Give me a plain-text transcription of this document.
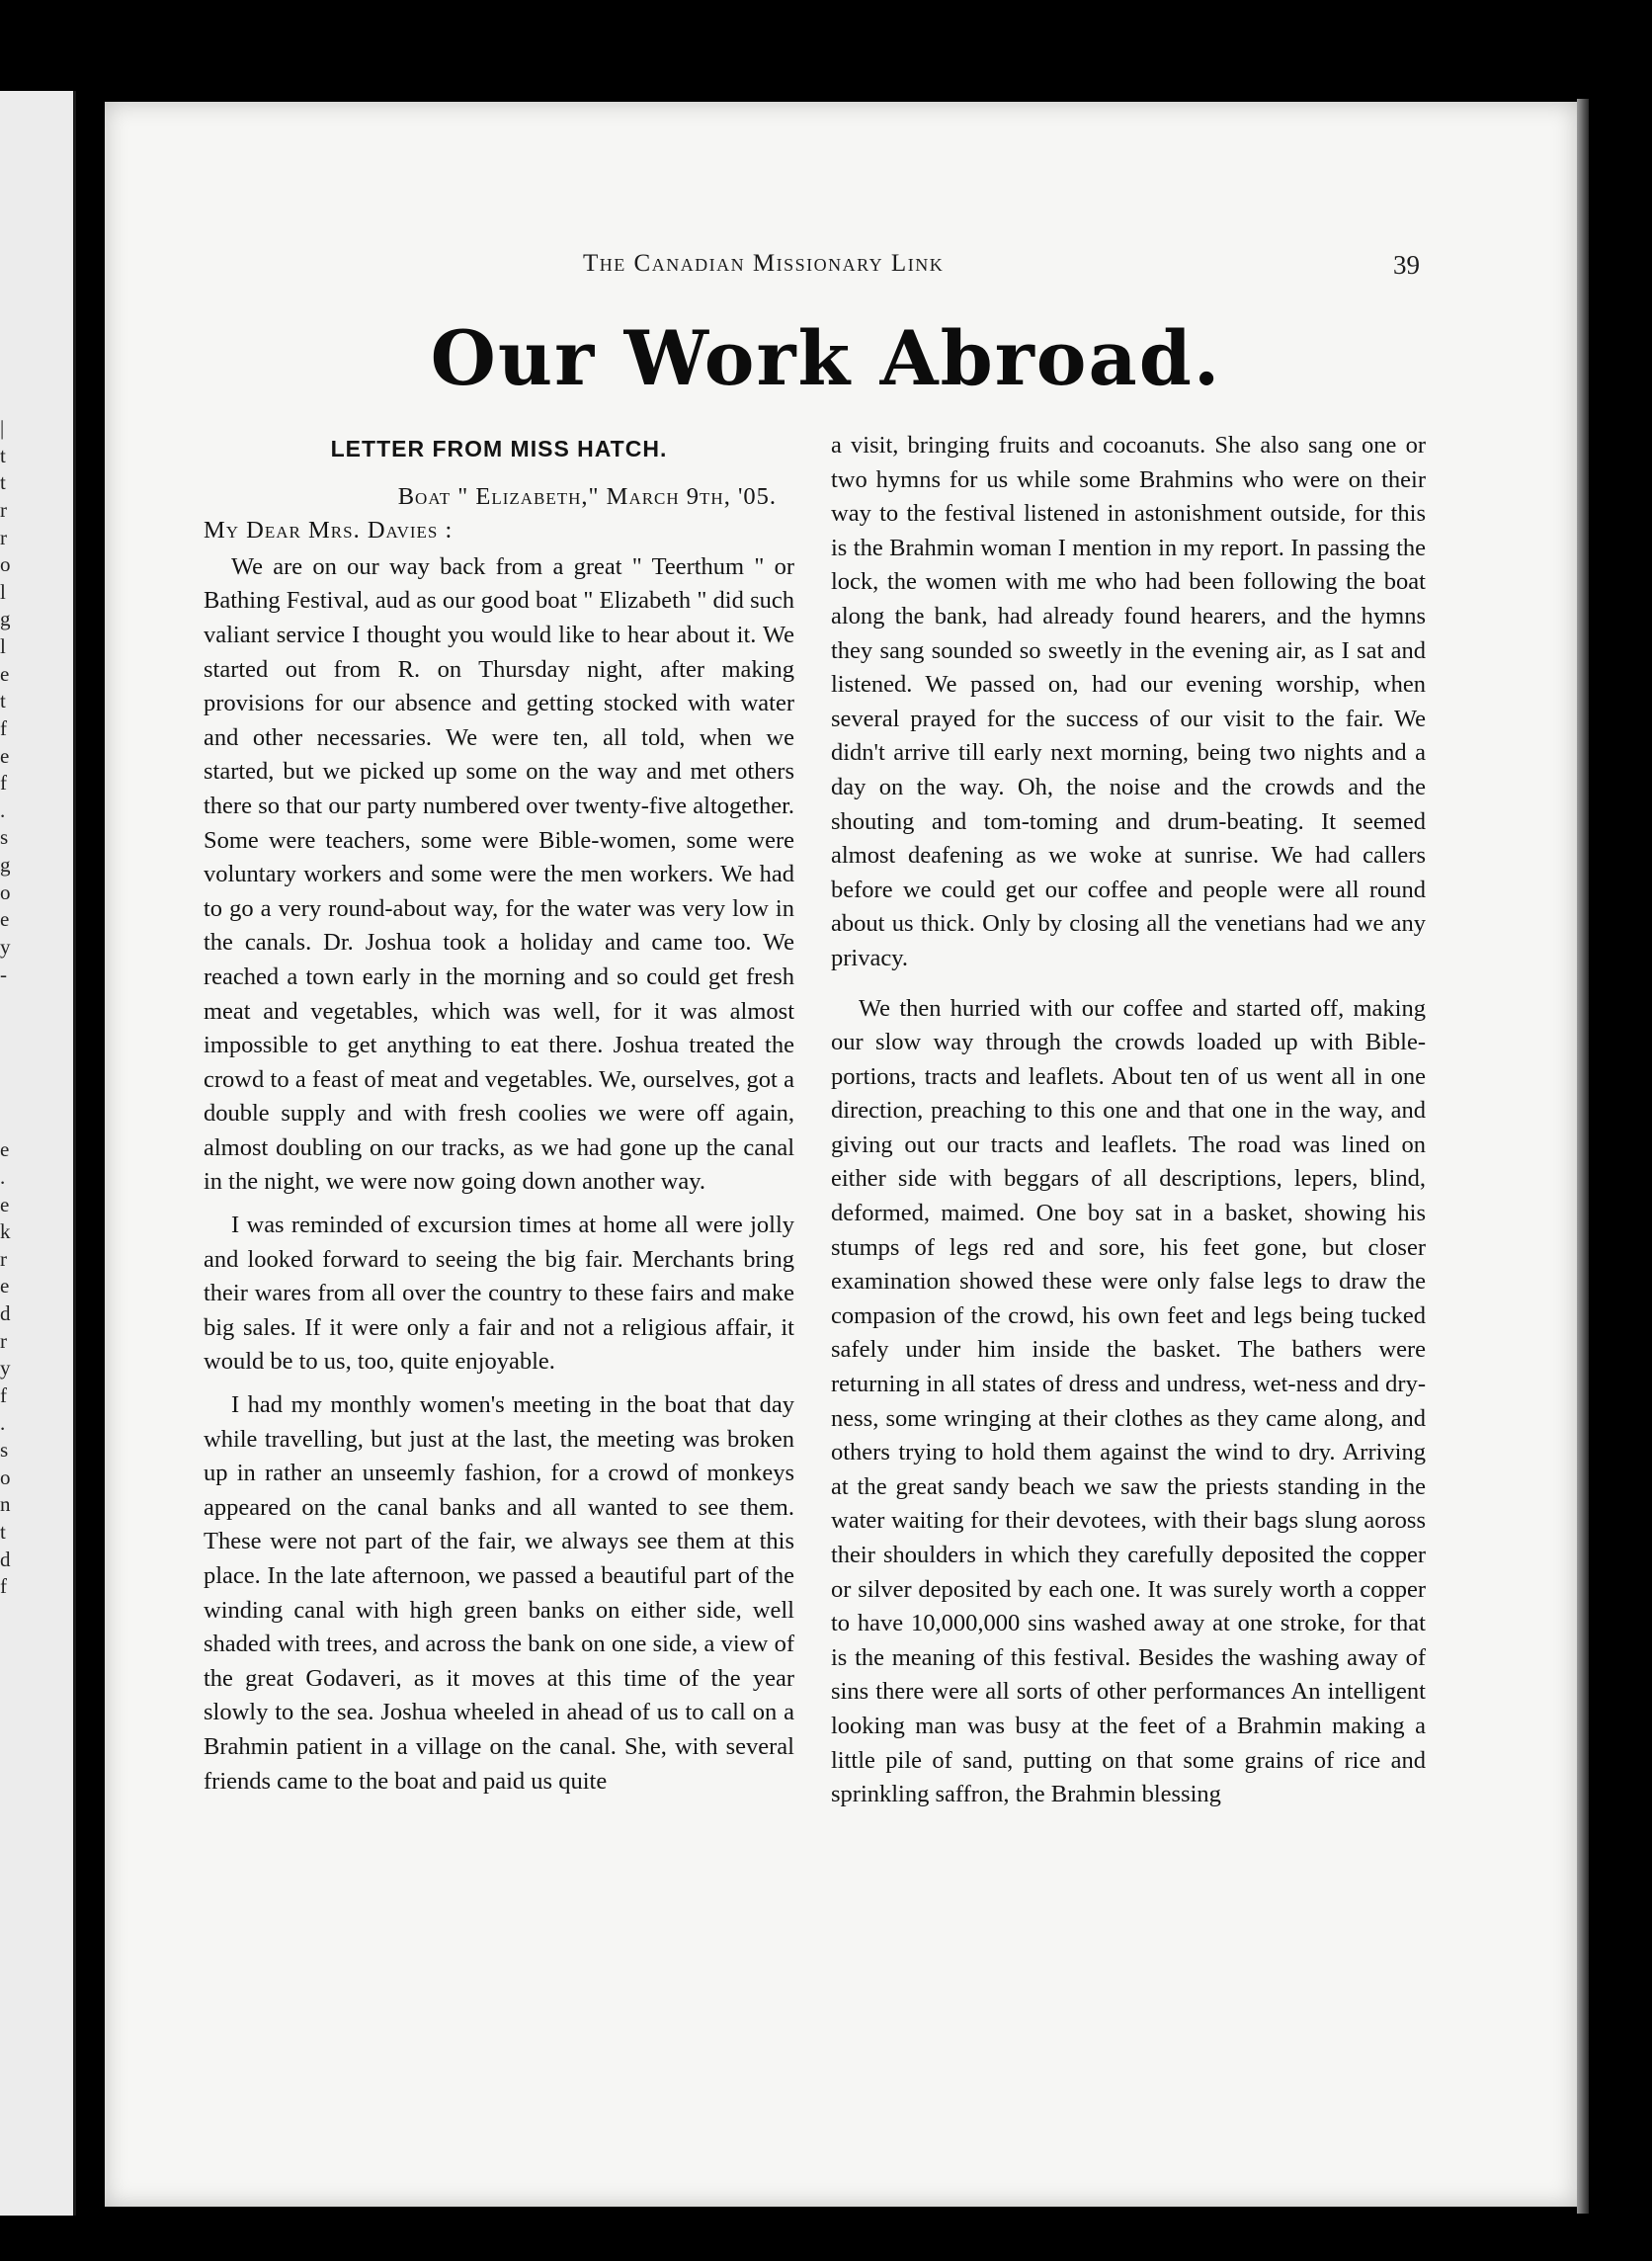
|
t
t
r
r
o
l
g
l
e
t
f
e
f
.
s
g
o
e
y
-
e
.
e
k
r
e
d
r
y
f
.
s
o
n
t
d
f
The Canadian Missionary Link	39
Our Work Abroad.
LETTER FROM MISS HATCH.
Boat " Elizabeth," March 9th, '05.
My Dear Mrs. Davies :

We are on our way back from a great " Teerthum " or Bathing Festival, aud as our good boat " Elizabeth " did such valiant service I thought you would like to hear about it. We started out from R. on Thursday night, after making provisions for our absence and getting stocked with water and other necessaries. We were ten, all told, when we started, but we picked up some on the way and met others there so that our party numbered over twenty-five altogether. Some were teachers, some were Bible-women, some were voluntary workers and some were the men workers. We had to go a very round-about way, for the water was very low in the canals. Dr. Joshua took a holiday and came too. We reached a town early in the morning and so could get fresh meat and vegetables, which was well, for it was almost impossible to get anything to eat there. Joshua treated the crowd to a feast of meat and vegetables. We, ourselves, got a double supply and with fresh coolies we were off again, almost doubling on our tracks, as we had gone up the canal in the night, we were now going down another way.

I was reminded of excursion times at home all were jolly and looked forward to seeing the big fair. Merchants bring their wares from all over the country to these fairs and make big sales. If it were only a fair and not a religious affair, it would be to us, too, quite enjoyable.

I had my monthly women's meeting in the boat that day while travelling, but just at the last, the meeting was broken up in rather an unseemly fashion, for a crowd of monkeys appeared on the canal banks and all wanted to see them. These were not part of the fair, we always see them at this place. In the late afternoon, we passed a beautiful part of the winding canal with high green banks on either side, well shaded with trees, and across the bank on one side, a view of the great Godaveri, as it moves at this time of the year slowly to the sea. Joshua wheeled in ahead of us to call on a Brahmin patient in a village on the canal. She, with several friends came to the boat and paid us quite

a visit, bringing fruits and cocoanuts. She also sang one or two hymns for us while some Brahmins who were on their way to the festival listened in astonishment outside, for this is the Brahmin woman I mention in my report. In passing the lock, the women with me who had been following the boat along the bank, had already found hearers, and the hymns they sang sounded so sweetly in the evening air, as I sat and listened. We passed on, had our evening worship, when several prayed for the success of our visit to the fair. We didn't arrive till early next morning, being two nights and a day on the way. Oh, the noise and the crowds and the shouting and tom-toming and drum-beating. It seemed almost deafening as we woke at sunrise. We had callers before we could get our coffee and people were all round about us thick. Only by closing all the venetians had we any privacy.

We then hurried with our coffee and started off, making our slow way through the crowds loaded up with Bible-portions, tracts and leaflets. About ten of us went all in one direction, preaching to this one and that one in the way, and giving out our tracts and leaflets. The road was lined on either side with beggars of all descriptions, lepers, blind, deformed, maimed. One boy sat in a basket, showing his stumps of legs red and sore, his feet gone, but closer examination showed these were only false legs to draw the compasion of the crowd, his own feet and legs being tucked safely under him inside the basket. The bathers were returning in all states of dress and undress, wet-ness and dry-ness, some wringing at their clothes as they came along, and others trying to hold them against the wind to dry. Arriving at the great sandy beach we saw the priests standing in the water waiting for their devotees, with their bags slung aoross their shoulders in which they carefully deposited the copper or silver deposited by each one. It was surely worth a copper to have 10,000,000 sins washed away at one stroke, for that is the meaning of this festival. Besides the washing away of sins there were all sorts of other performances An intelligent looking man was busy at the feet of a Brahmin making a little pile of sand, putting on that some grains of rice and sprinkling saffron, the Brahmin blessing
